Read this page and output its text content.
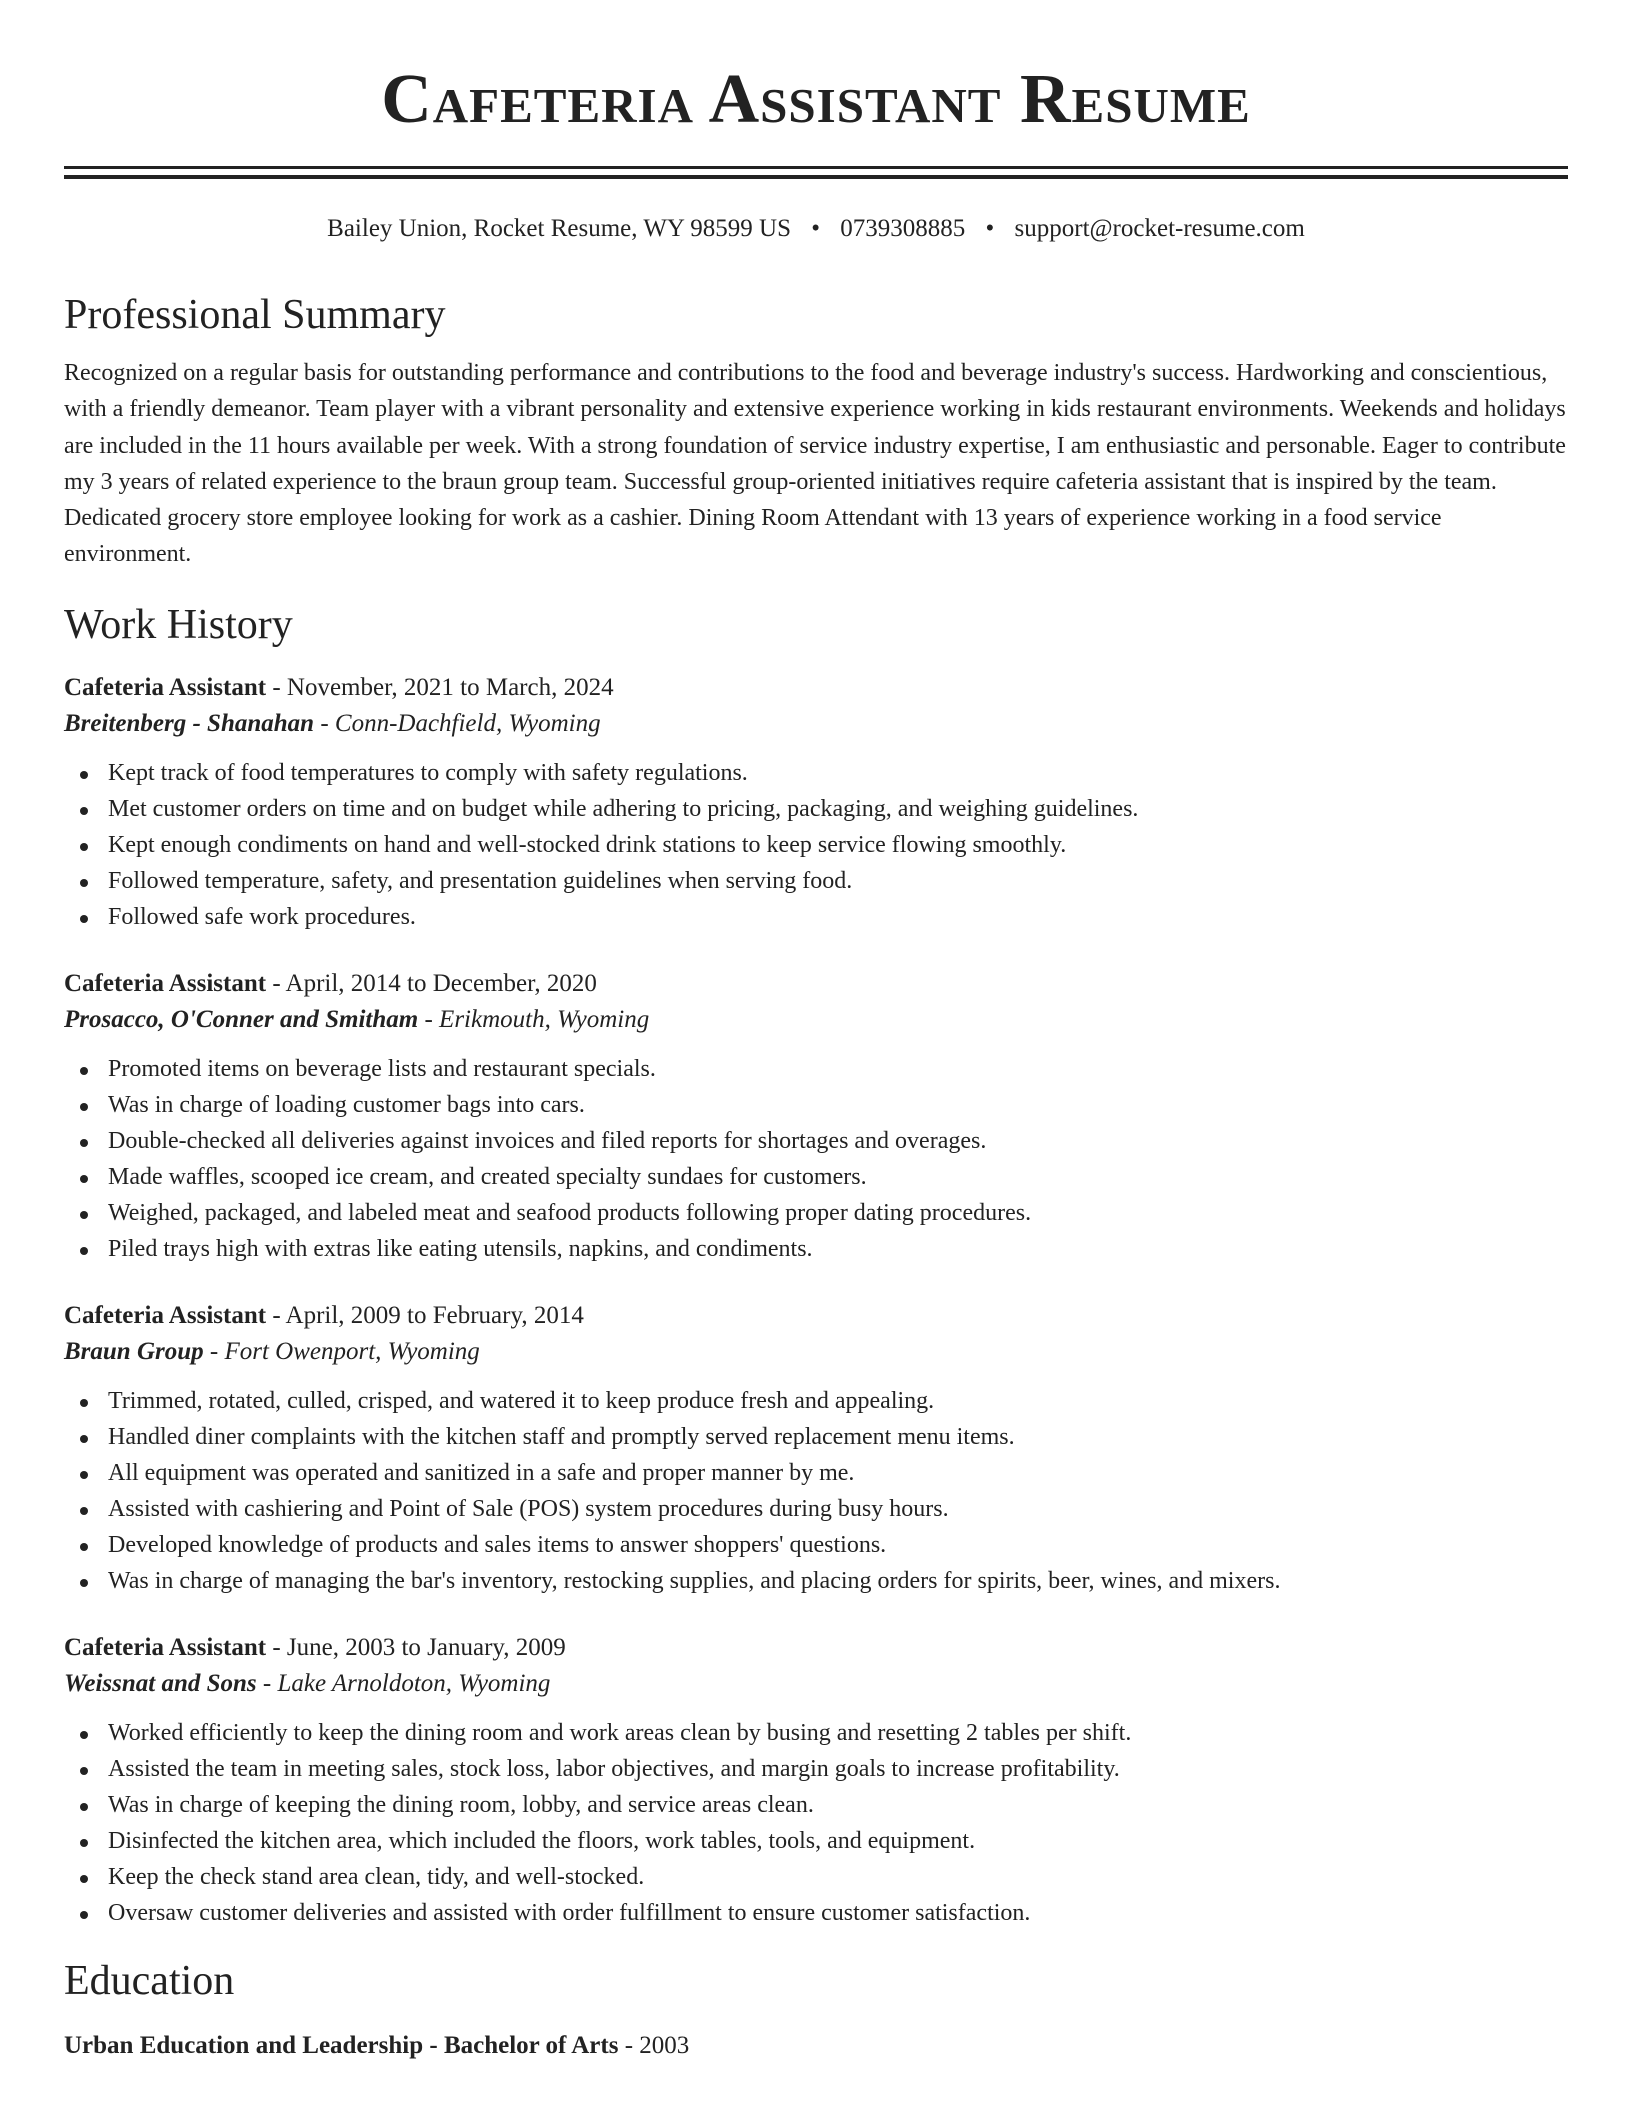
Cafeteria Assistant Resume
Bailey Union, Rocket Resume, WY 98599 US • 0739308885 • support@rocket-resume.com
Professional Summary

Recognized on a regular basis for outstanding performance and contributions to the food and beverage industry's success. Hardworking and conscientious, with a friendly demeanor. Team player with a vibrant personality and extensive experience working in kids restaurant environments. Weekends and holidays are included in the 11 hours available per week. With a strong foundation of service industry expertise, I am enthusiastic and personable. Eager to contribute my 3 years of related experience to the braun group team. Successful group-oriented initiatives require cafeteria assistant that is inspired by the team. Dedicated grocery store employee looking for work as a cashier. Dining Room Attendant with 13 years of experience working in a food service environment.

Work History
Cafeteria Assistant - November, 2021 to March, 2024
Breitenberg - Shanahan - Conn-Dachfield, Wyoming
Kept track of food temperatures to comply with safety regulations.
Met customer orders on time and on budget while adhering to pricing, packaging, and weighing guidelines.
Kept enough condiments on hand and well-stocked drink stations to keep service flowing smoothly.
Followed temperature, safety, and presentation guidelines when serving food.
Followed safe work procedures.
Cafeteria Assistant - April, 2014 to December, 2020
Prosacco, O'Conner and Smitham - Erikmouth, Wyoming
Promoted items on beverage lists and restaurant specials.
Was in charge of loading customer bags into cars.
Double-checked all deliveries against invoices and filed reports for shortages and overages.
Made waffles, scooped ice cream, and created specialty sundaes for customers.
Weighed, packaged, and labeled meat and seafood products following proper dating procedures.
Piled trays high with extras like eating utensils, napkins, and condiments.
Cafeteria Assistant - April, 2009 to February, 2014
Braun Group - Fort Owenport, Wyoming
Trimmed, rotated, culled, crisped, and watered it to keep produce fresh and appealing.
Handled diner complaints with the kitchen staff and promptly served replacement menu items.
All equipment was operated and sanitized in a safe and proper manner by me.
Assisted with cashiering and Point of Sale (POS) system procedures during busy hours.
Developed knowledge of products and sales items to answer shoppers' questions.
Was in charge of managing the bar's inventory, restocking supplies, and placing orders for spirits, beer, wines, and mixers.
Cafeteria Assistant - June, 2003 to January, 2009
Weissnat and Sons - Lake Arnoldoton, Wyoming
Worked efficiently to keep the dining room and work areas clean by busing and resetting 2 tables per shift.
Assisted the team in meeting sales, stock loss, labor objectives, and margin goals to increase profitability.
Was in charge of keeping the dining room, lobby, and service areas clean.
Disinfected the kitchen area, which included the floors, work tables, tools, and equipment.
Keep the check stand area clean, tidy, and well-stocked.
Oversaw customer deliveries and assisted with order fulfillment to ensure customer satisfaction.
Education
Urban Education and Leadership - Bachelor of Arts - 2003
